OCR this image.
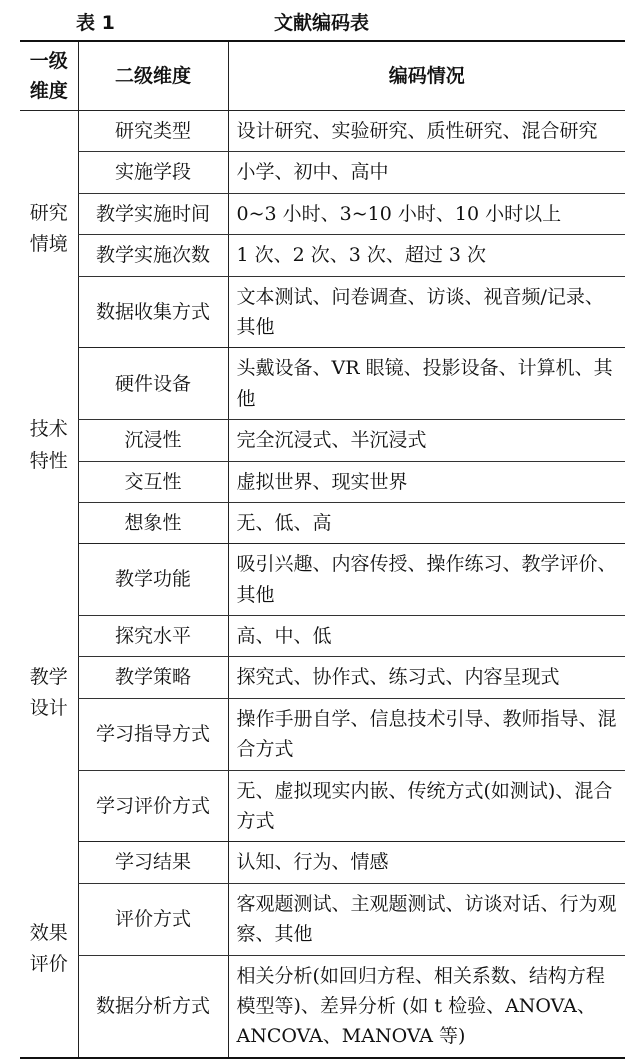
表 1	文献编码表
一级维度	二级维度	编码情况
研究情境	研究类型	设计研究、实验研究、质性研究、混合研究
	实施学段	小学、初中、高中
	教学实施时间	0~3 小时、3~10 小时、10 小时以上
	教学实施次数	1 次、2 次、3 次、超过 3 次
	数据收集方式	文本测试、问卷调查、访谈、视音频/记录、其他
技术特性	硬件设备	头戴设备、VR 眼镜、投影设备、计算机、其他
	沉浸性	完全沉浸式、半沉浸式
	交互性	虚拟世界、现实世界
	想象性	无、低、高
教学设计	教学功能	吸引兴趣、内容传授、操作练习、教学评价、其他
	探究水平	高、中、低
	教学策略	探究式、协作式、练习式、内容呈现式
	学习指导方式	操作手册自学、信息技术引导、教师指导、混合方式
	学习评价方式	无、虚拟现实内嵌、传统方式(如测试)、混合方式
效果评价	学习结果	认知、行为、情感
	评价方式	客观题测试、主观题测试、访谈对话、行为观察、其他
	数据分析方式	相关分析(如回归方程、相关系数、结构方程模型等)、差异分析 (如 t 检验、ANOVA、ANCOVA、MANOVA 等)
